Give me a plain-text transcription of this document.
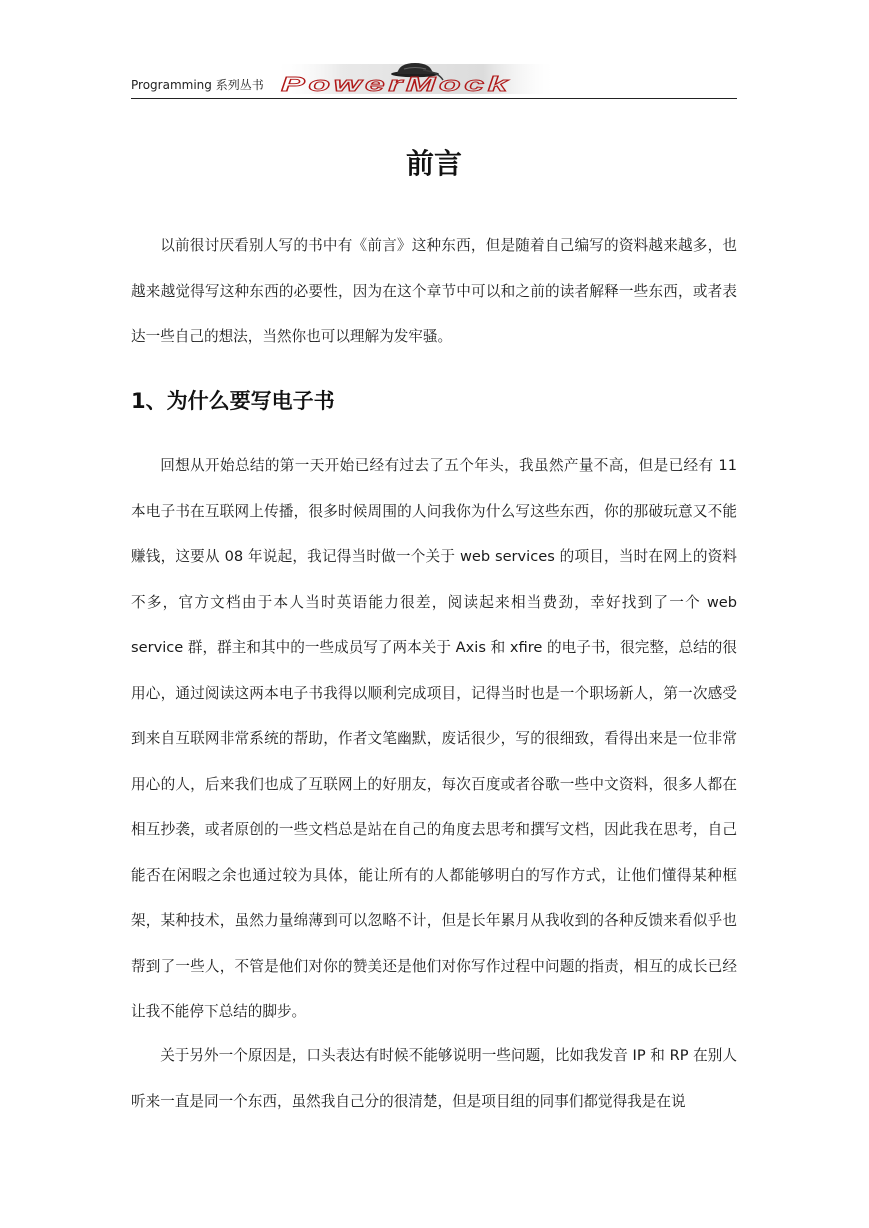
Programming 系列丛书 PowerMock
前言

以前很讨厌看别人写的书中有《前言》这种东西，但是随着自己编写的资料越来越多，也越来越觉得写这种东西的必要性，因为在这个章节中可以和之前的读者解释一些东西，或者表达一些自己的想法，当然你也可以理解为发牢骚。

1、为什么要写电子书

回想从开始总结的第一天开始已经有过去了五个年头，我虽然产量不高，但是已经有 11 本电子书在互联网上传播，很多时候周围的人问我你为什么写这些东西，你的那破玩意又不能赚钱，这要从 08 年说起，我记得当时做一个关于 web services 的项目，当时在网上的资料不多，官方文档由于本人当时英语能力很差，阅读起来相当费劲，幸好找到了一个 web service 群，群主和其中的一些成员写了两本关于 Axis 和 xfire 的电子书，很完整，总结的很用心，通过阅读这两本电子书我得以顺利完成项目，记得当时也是一个职场新人，第一次感受到来自互联网非常系统的帮助，作者文笔幽默，废话很少，写的很细致，看得出来是一位非常用心的人，后来我们也成了互联网上的好朋友，每次百度或者谷歌一些中文资料，很多人都在相互抄袭，或者原创的一些文档总是站在自己的角度去思考和撰写文档，因此我在思考，自己能否在闲暇之余也通过较为具体，能让所有的人都能够明白的写作方式，让他们懂得某种框架，某种技术，虽然力量绵薄到可以忽略不计，但是长年累月从我收到的各种反馈来看似乎也帮到了一些人，不管是他们对你的赞美还是他们对你写作过程中问题的指责，相互的成长已经让我不能停下总结的脚步。

关于另外一个原因是，口头表达有时候不能够说明一些问题，比如我发音 IP 和 RP 在别人听来一直是同一个东西，虽然我自己分的很清楚，但是项目组的同事们都觉得我是在说
